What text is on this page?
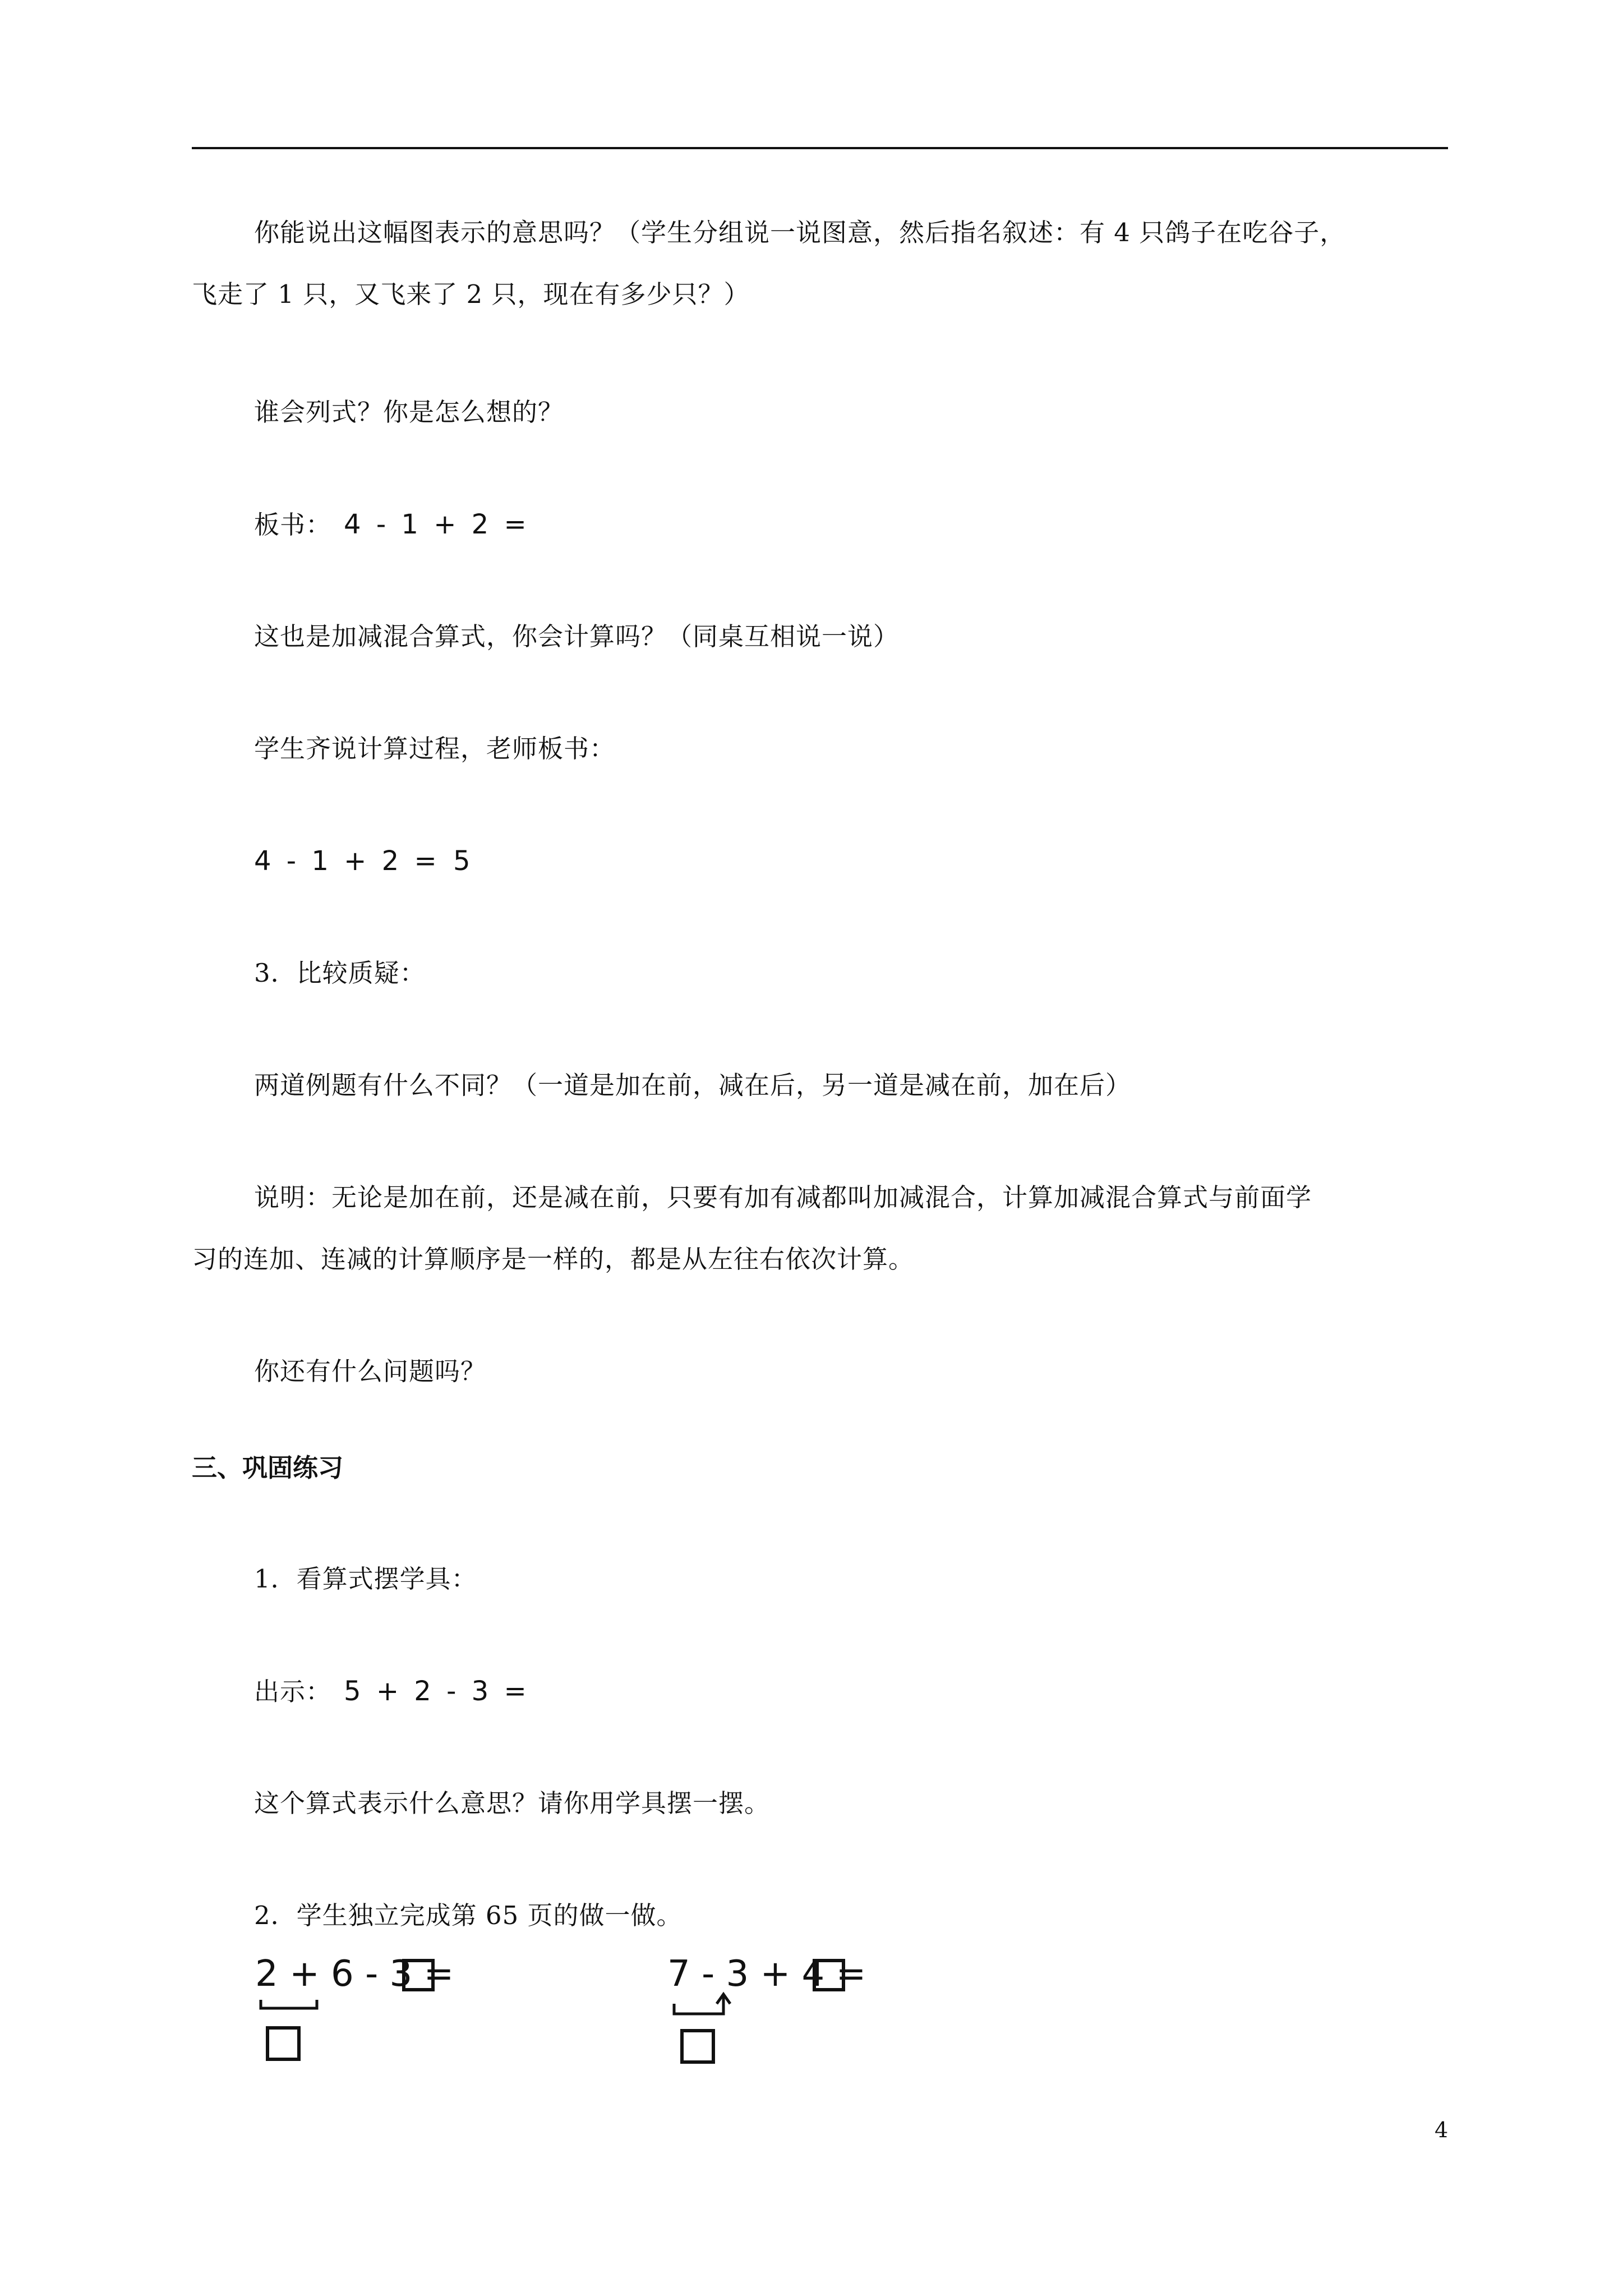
你能说出这幅图表示的意思吗？（学生分组说一说图意，然后指名叙述：有 4 只鸽子在吃谷子，
飞走了 1 只，又飞来了 2 只，现在有多少只？）
谁会列式？你是怎么想的？
板书： 4 - 1 + 2 =
这也是加减混合算式，你会计算吗？（同桌互相说一说）
学生齐说计算过程，老师板书：
4 - 1 + 2 = 5
3．比较质疑：
两道例题有什么不同？（一道是加在前，减在后，另一道是减在前，加在后）
说明：无论是加在前，还是减在前，只要有加有减都叫加减混合，计算加减混合算式与前面学
习的连加、连减的计算顺序是一样的，都是从左往右依次计算。
你还有什么问题吗？
三、巩固练习
1．看算式摆学具：
出示： 5 + 2 - 3 =
这个算式表示什么意思？请你用学具摆一摆。
2．学生独立完成第 65 页的做一做。
2 + 6 - 3 =	7 - 3 + 4 =
4
